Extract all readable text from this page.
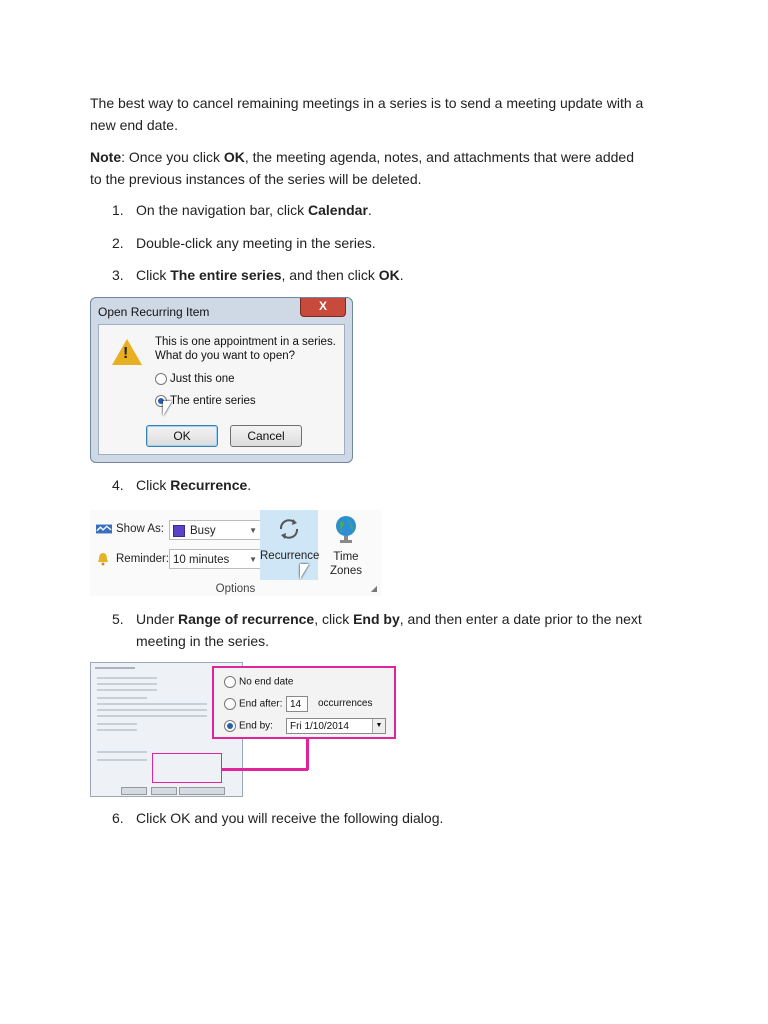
The best way to cancel remaining meetings in a series is to send a meeting update with a
new end date.
Note: Once you click OK, the meeting agenda, notes, and attachments that were added
to the previous instances of the series will be deleted.
1. On the navigation bar, click Calendar.
2. Double-click any meeting in the series.
3. Click The entire series, and then click OK.
Open Recurring Item	X
!
This is one appointment in a series.
What do you want to open?
Just this one
The entire series
OK	Cancel
4. Click Recurrence.
Show As:	Busy	▼
Reminder: 10 minutes ▼ Recurrence	Time
Zones
Options	◢
5. Under Range of recurrence, click End by, and then enter a date prior to the next
meeting in the series.
No end date
End after: 14	occurrences
End by:	Fri 1/10/2014	▼
6. Click OK and you will receive the following dialog.
